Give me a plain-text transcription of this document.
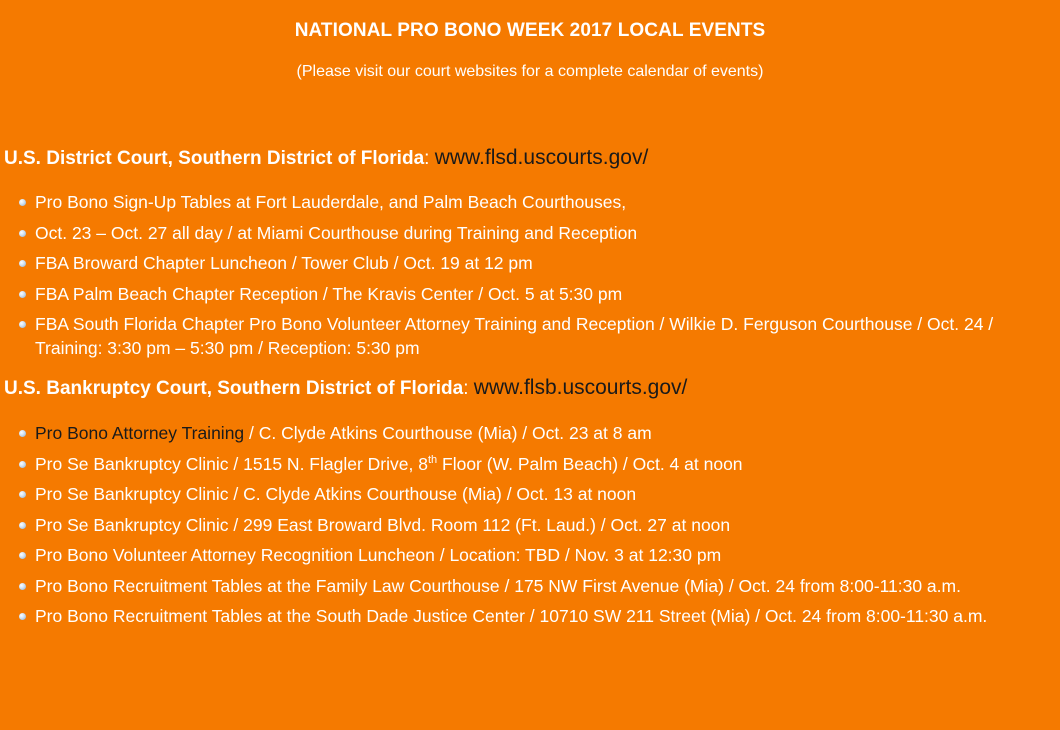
NATIONAL PRO BONO WEEK 2017 LOCAL EVENTS
(Please visit our court websites for a complete calendar of events)
U.S. District Court, Southern District of Florida: www.flsd.uscourts.gov/
Pro Bono Sign-Up Tables at Fort Lauderdale, and Palm Beach Courthouses,
Oct. 23 – Oct. 27 all day / at Miami Courthouse during Training and Reception
FBA Broward Chapter Luncheon / Tower Club / Oct. 19 at 12 pm
FBA Palm Beach Chapter Reception / The Kravis Center / Oct. 5 at 5:30 pm
FBA South Florida Chapter Pro Bono Volunteer Attorney Training and Reception / Wilkie D. Ferguson Courthouse / Oct. 24 / Training: 3:30 pm – 5:30 pm / Reception: 5:30 pm
U.S. Bankruptcy Court, Southern District of Florida: www.flsb.uscourts.gov/
Pro Bono Attorney Training / C. Clyde Atkins Courthouse (Mia) / Oct. 23 at 8 am
Pro Se Bankruptcy Clinic / 1515 N. Flagler Drive, 8th Floor (W. Palm Beach) / Oct. 4 at noon
Pro Se Bankruptcy Clinic / C. Clyde Atkins Courthouse (Mia) / Oct. 13 at noon
Pro Se Bankruptcy Clinic / 299 East Broward Blvd. Room 112 (Ft. Laud.) / Oct. 27 at noon
Pro Bono Volunteer Attorney Recognition Luncheon / Location: TBD / Nov. 3 at 12:30 pm
Pro Bono Recruitment Tables at the Family Law Courthouse / 175 NW First Avenue (Mia) / Oct. 24 from 8:00-11:30 a.m.
Pro Bono Recruitment Tables at the South Dade Justice Center / 10710 SW 211 Street (Mia) / Oct. 24 from 8:00-11:30 a.m.
